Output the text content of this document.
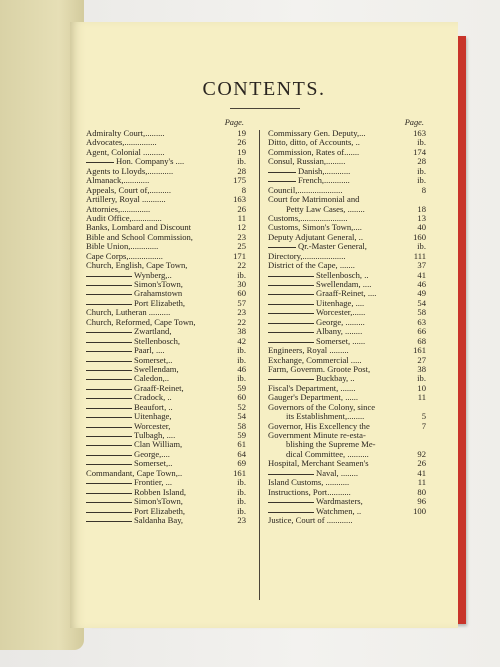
CONTENTS.
Page.
Admiralty Court,.........	19
Advocates,...............	26
Agent, Colonial ..........	19
Hon. Company's ....	ib.
Agents to Lloyds,............	28
Almanack,............	175
Appeals, Court of,..........	8
Artillery, Royal ...........	163
Attornies,..............	26
Audit Office,..............	11
Banks, Lombard and Discount	12
Bible and School Commission,	23
Bible Union,.............	25
Cape Corps,................	171
Church, English, Cape Town,	22
Wynberg,..	ib.
Simon'sTown,	30
Grahamstown	60
Port Elizabeth,	57
Church, Lutheran ..........	23
Church, Reformed, Cape Town,	22
Zwartland,	38
Stellenbosch,	42
Paarl, ....	ib.
Somerset,..	ib.
Swellendam,	46
Caledon,..	ib.
Graaff-Reinet,	59
Cradock, ..	60
Beaufort, ..	52
Uitenhage,	54
Worcester,	58
Tulbagh, ....	59
Clan William,	61
George,....	64
Somerset,..	69
Commandant, Cape Town,..	161
Frontier, ...	ib.
Robben Island,	ib.
Simon'sTown,	ib.
Port Elizabeth,	ib.
Saldanha Bay,	23
Page.
Commissary Gen. Deputy,...	163
Ditto, ditto, of Accounts, ..	ib.
Commission, Rates of.......	174
Consul, Russian,.........	28
Danish,............	ib.
French,............	ib.
Council,.....................	8
Court for Matrimonial and
Petty Law Cases, ........	18
Customs,......................	13
Customs, Simon's Town,....	40
Deputy Adjutant General, ..	160
Qr.-Master General,	ib.
Directory,....................	111
District of the Cape, .......	37
Stellenbosch, ..	41
Swellendam, ....	46
Graaff-Reinet, ....	49
Uitenhage, ....	54
Worcester,......	58
George, .........	63
Albany, ........	66
Somerset, ......	68
Engineers, Royal .........	161
Exchange, Commercial .....	27
Farm, Governm. Groote Post,	38
Buckbay, ..	ib.
Fiscal's Department, .......	10
Gauger's Department, ......	11
Governors of the Colony, since
its Establishment,........	5
Governor, His Excellency the	7
Government Minute re-esta-
blishing the Supreme Me-
dical Committee, ..........	92
Hospital, Merchant Seamen's	26
Naval, ........	41
Island Customs, ...........	11
Instructions, Port...........	80
Wardmasters,	96
Watchmen, ..	100
Justice, Court of ............
